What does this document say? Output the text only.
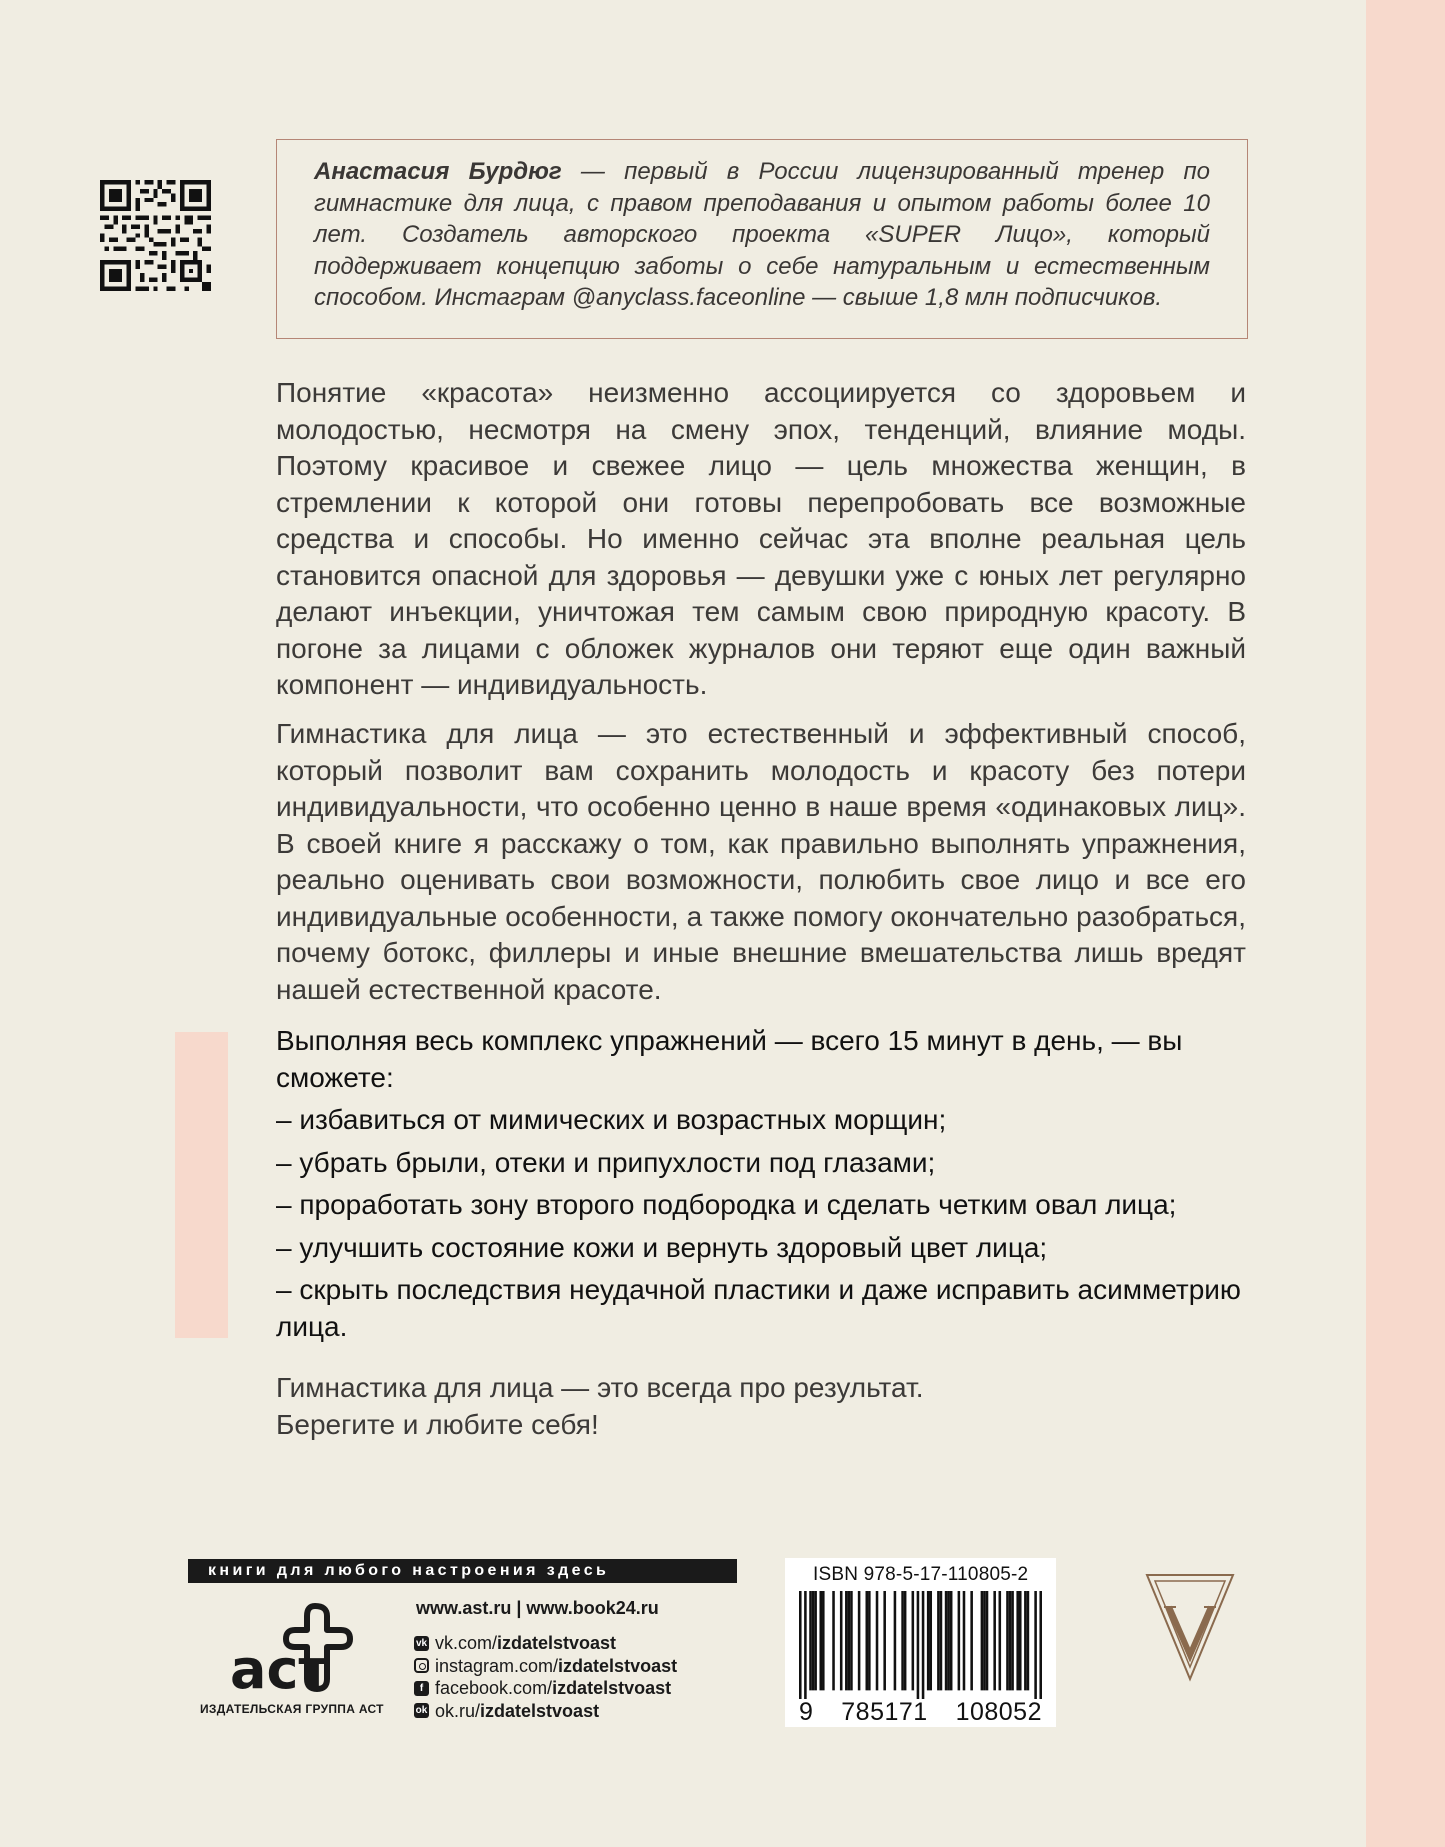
Анастасия Бурдюг — первый в России лицензированный тренер по гимнастике для лица, с правом преподавания и опытом работы более 10 лет. Создатель авторского проекта «SUPER Лицо», который поддерживает концепцию заботы о себе натуральным и естественным способом. Инстаграм @anyclass.faceonline — свыше 1,8 млн подписчиков.

Понятие «красота» неизменно ассоциируется со здоровьем и молодостью, несмотря на смену эпох, тенденций, влияние моды. Поэтому красивое и свежее лицо — цель множества женщин, в стремлении к которой они готовы перепробовать все возможные средства и способы. Но именно сейчас эта вполне реальная цель становится опасной для здоровья — девушки уже с юных лет регулярно делают инъекции, уничтожая тем самым свою природную красоту. В погоне за лицами с обложек журналов они теряют еще один важный компонент — индивидуальность.

Гимнастика для лица — это естественный и эффективный способ, который позволит вам сохранить молодость и красоту без потери индивидуальности, что особенно ценно в наше время «одинаковых лиц». В своей книге я расскажу о том, как правильно выполнять упражнения, реально оценивать свои возможности, полюбить свое лицо и все его индивидуальные особенности, а также помогу окончательно разобраться, почему ботокс, филлеры и иные внешние вмешательства лишь вредят нашей естественной красоте.

Выполняя весь комплекс упражнений — всего 15 минут в день, — вы сможете:
– избавиться от мимических и возрастных морщин;
– убрать брыли, отеки и припухлости под глазами;
– проработать зону второго подбородка и сделать четким овал лица;
– улучшить состояние кожи и вернуть здоровый цвет лица;
– скрыть последствия неудачной пластики и даже исправить асимметрию лица.
Гимнастика для лица — это всегда про результат.
Берегите и любите себя!
книги для любого настроения здесь
аст
ИЗДАТЕЛЬСКАЯ ГРУППА АСТ
www.ast.ru | www.book24.ru
vk vk.com/ izdatelstvoast
instagram.com/ izdatelstvoast
f facebook.com/ izdatelstvoast
ok ok.ru/ izdatelstvoast
ISBN 978-5-17-110805-2
9 785171 108052
